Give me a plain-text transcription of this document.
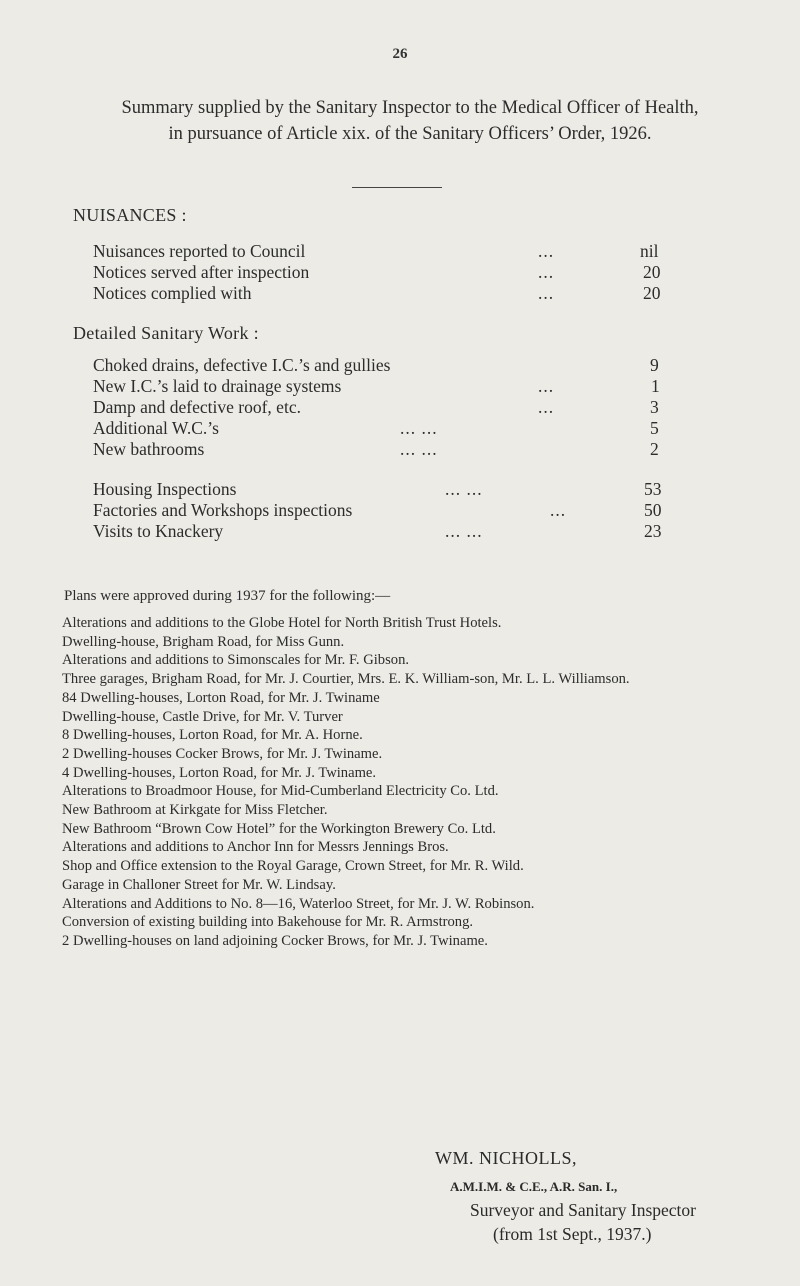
26
Summary supplied by the Sanitary Inspector to the Medical Officer of Health, in pursuance of Article xix. of the Sanitary Officers’ Order, 1926.
NUISANCES :
Nuisances reported to Council	...	nil
Notices served after inspection	...	20
Notices complied with	...	20
Detailed Sanitary Work :
Choked drains, defective I.C.’s and gullies	9
New I.C.’s laid to drainage systems	...	1
Damp and defective roof, etc.	...	3
Additional W.C.’s	... ...	5
New bathrooms	... ...	2
Housing Inspections	... ...	53
Factories and Workshops inspections	...	50
Visits to Knackery	... ...	23
Plans were approved during 1937 for the following:—
Alterations and additions to the Globe Hotel for North British Trust Hotels.
Dwelling-house, Brigham Road, for Miss Gunn.
Alterations and additions to Simonscales for Mr. F. Gibson.
Three garages, Brigham Road, for Mr. J. Courtier, Mrs. E. K. William-son, Mr. L. L. Williamson.
84 Dwelling-houses, Lorton Road, for Mr. J. Twiname
Dwelling-house, Castle Drive, for Mr. V. Turver
8 Dwelling-houses, Lorton Road, for Mr. A. Horne.
2 Dwelling-houses Cocker Brows, for Mr. J. Twiname.
4 Dwelling-houses, Lorton Road, for Mr. J. Twiname.
Alterations to Broadmoor House, for Mid-Cumberland Electricity Co. Ltd.
New Bathroom at Kirkgate for Miss Fletcher.
New Bathroom “Brown Cow Hotel” for the Workington Brewery Co. Ltd.
Alterations and additions to Anchor Inn for Messrs Jennings Bros.
Shop and Office extension to the Royal Garage, Crown Street, for Mr. R. Wild.
Garage in Challoner Street for Mr. W. Lindsay.
Alterations and Additions to No. 8—16, Waterloo Street, for Mr. J. W. Robinson.
Conversion of existing building into Bakehouse for Mr. R. Armstrong.
2 Dwelling-houses on land adjoining Cocker Brows, for Mr. J. Twiname.
WM. NICHOLLS,
A.M.I.M. & C.E., A.R. San. I.,
Surveyor and Sanitary Inspector
(from 1st Sept., 1937.)
